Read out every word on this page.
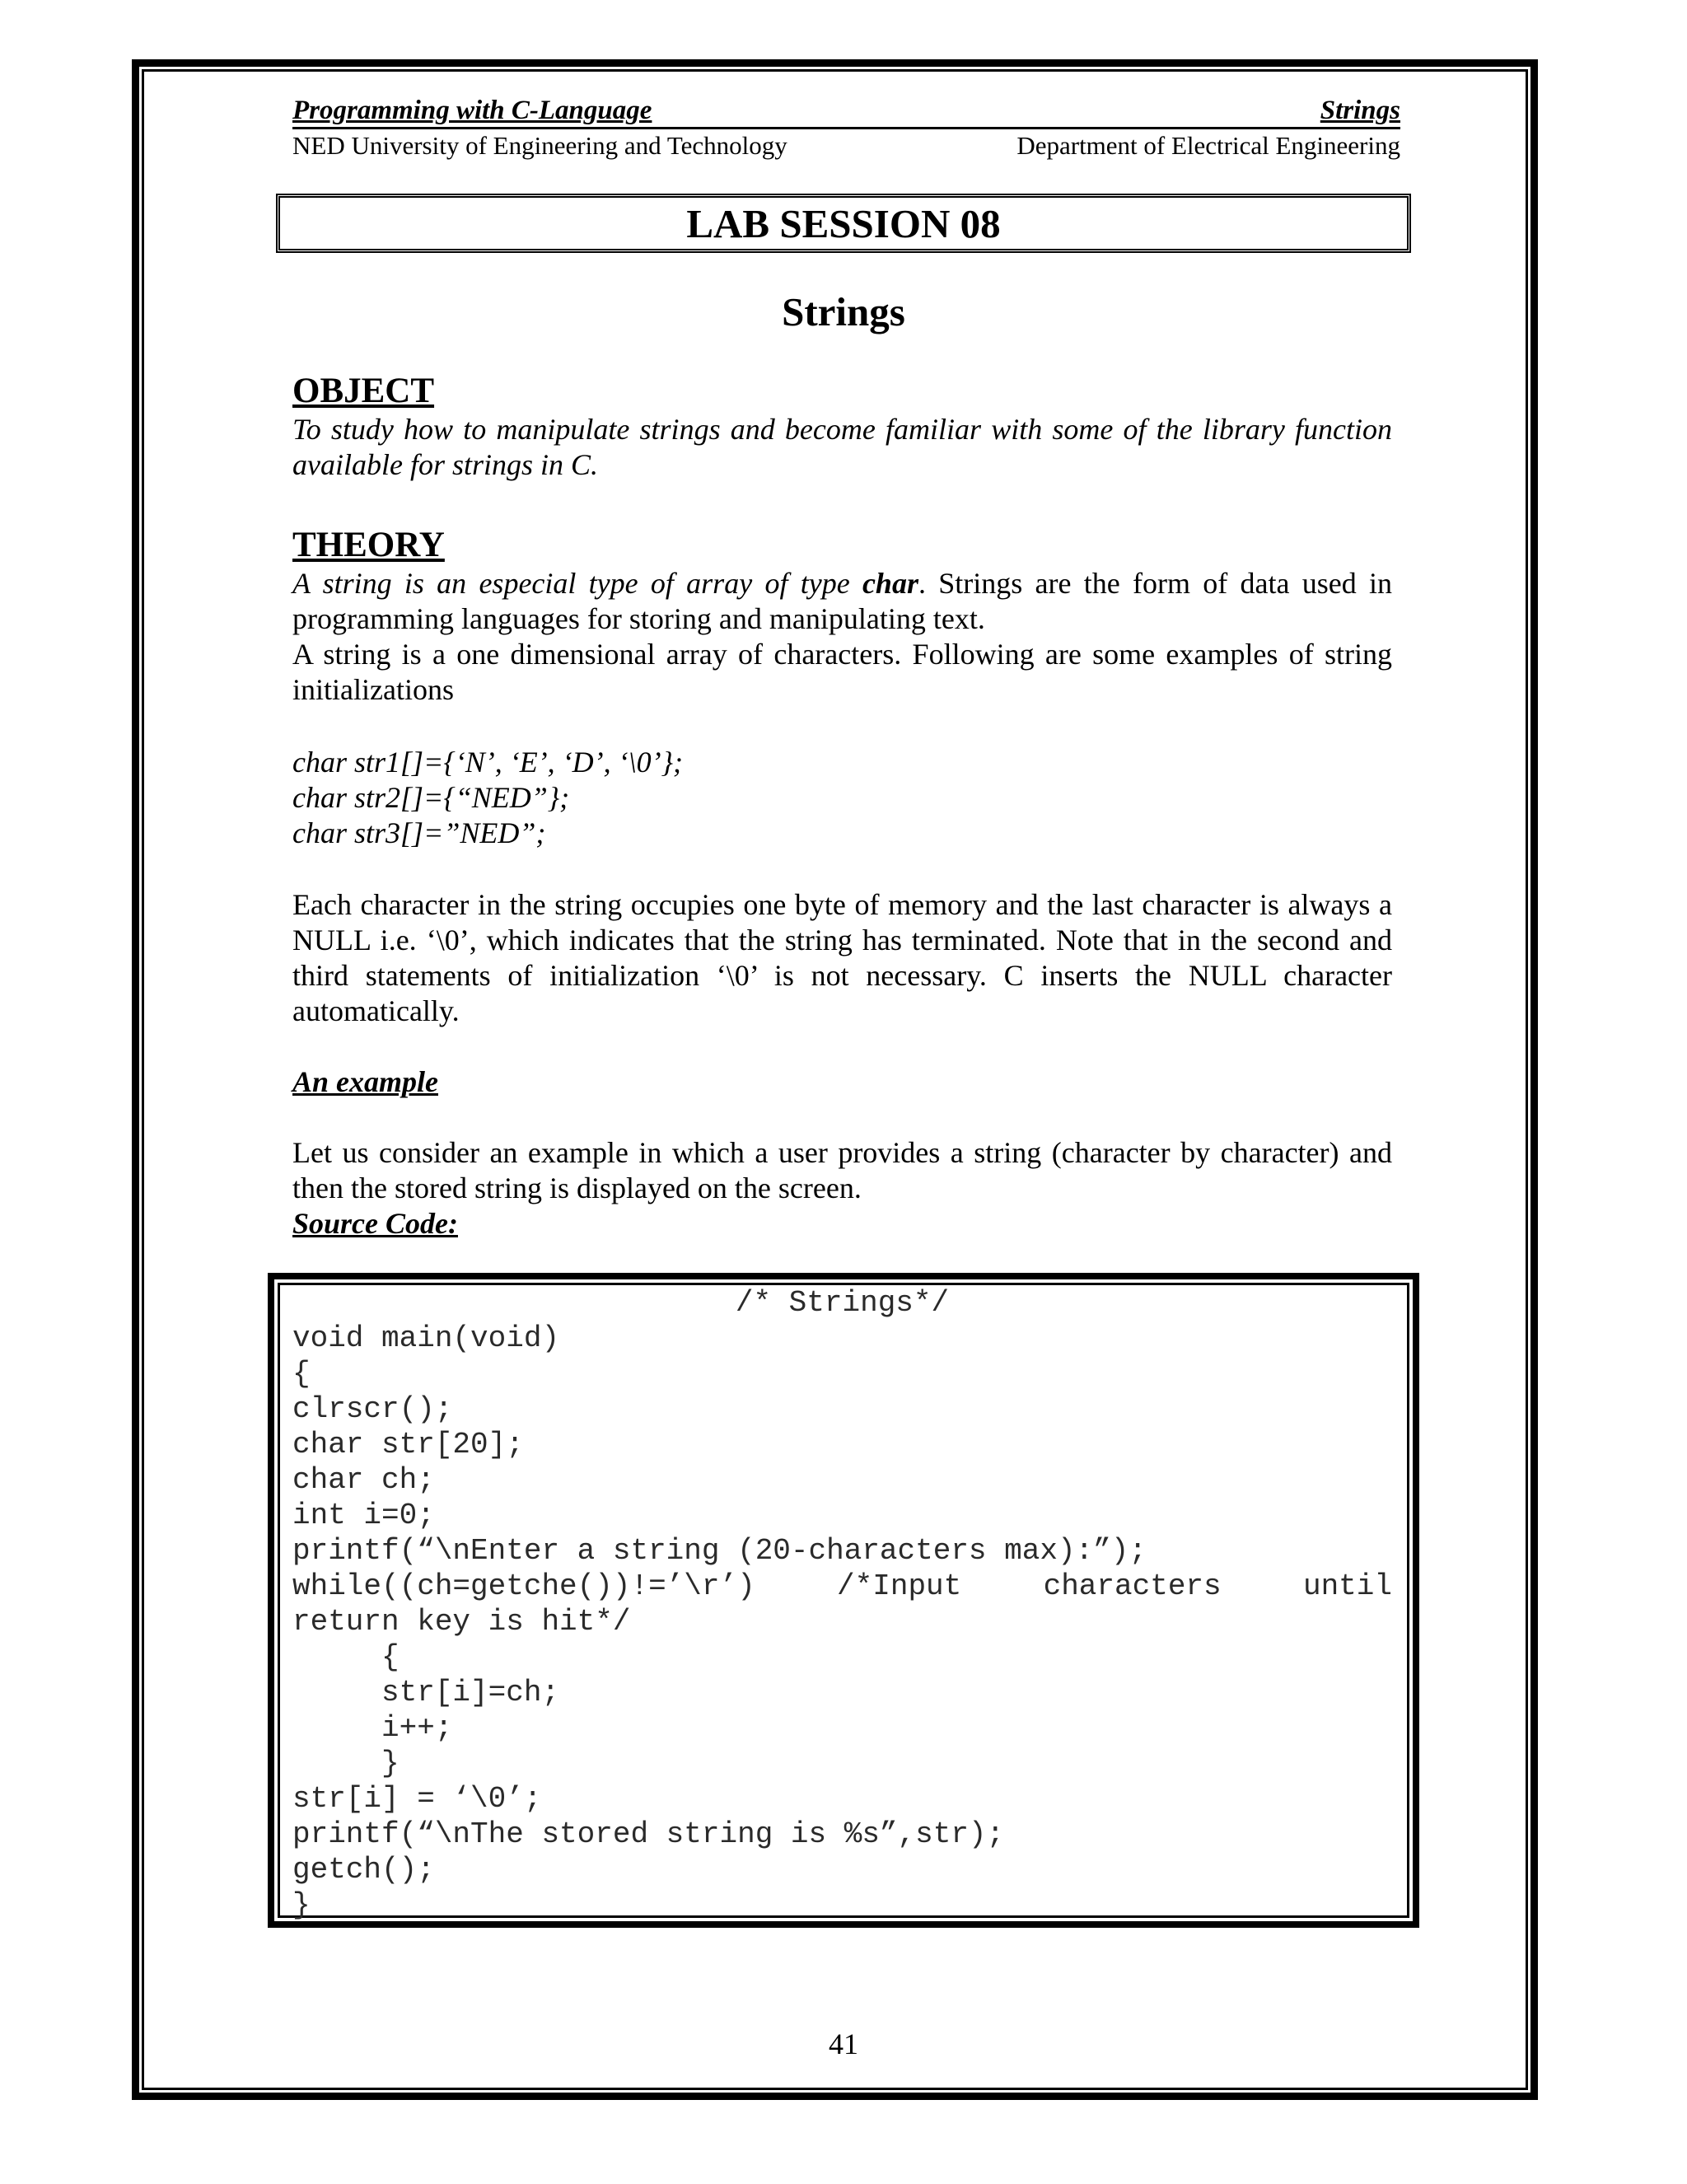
Programming with C-Language	Strings
NED University of Engineering and Technology	Department of Electrical Engineering
LAB SESSION 08
Strings
OBJECT
To study how to manipulate strings and become familiar with some of the library function available for strings in C.
THEORY
A string is an especial type of array of type char. Strings are the form of data used in programming languages for storing and manipulating text.
A string is a one dimensional array of characters. Following are some examples of string initializations
char str1[]={‘N’, ‘E’, ‘D’, ‘\0’};
char str2[]={“NED”};
char str3[]=”NED”;
Each character in the string occupies one byte of memory and the last character is always a NULL i.e. ‘\0’, which indicates that the string has terminated. Note that in the second and third statements of initialization ‘\0’ is not necessary. C inserts the NULL character automatically.
An example
Let us consider an example in which a user provides a string (character by character) and then the stored string is displayed on the screen.
Source Code:
/* Strings*/
void main(void)
{
clrscr();
char str[20];
char ch;
int i=0;
printf(“\nEnter a string (20-characters max):”);
while((ch=getche())!=’\r’)	/*Input	characters	until
return key is hit*/
{
str[i]=ch;
i++;
}
str[i] = ‘\0’;
printf(“\nThe stored string is %s”,str);
getch();
}
41
